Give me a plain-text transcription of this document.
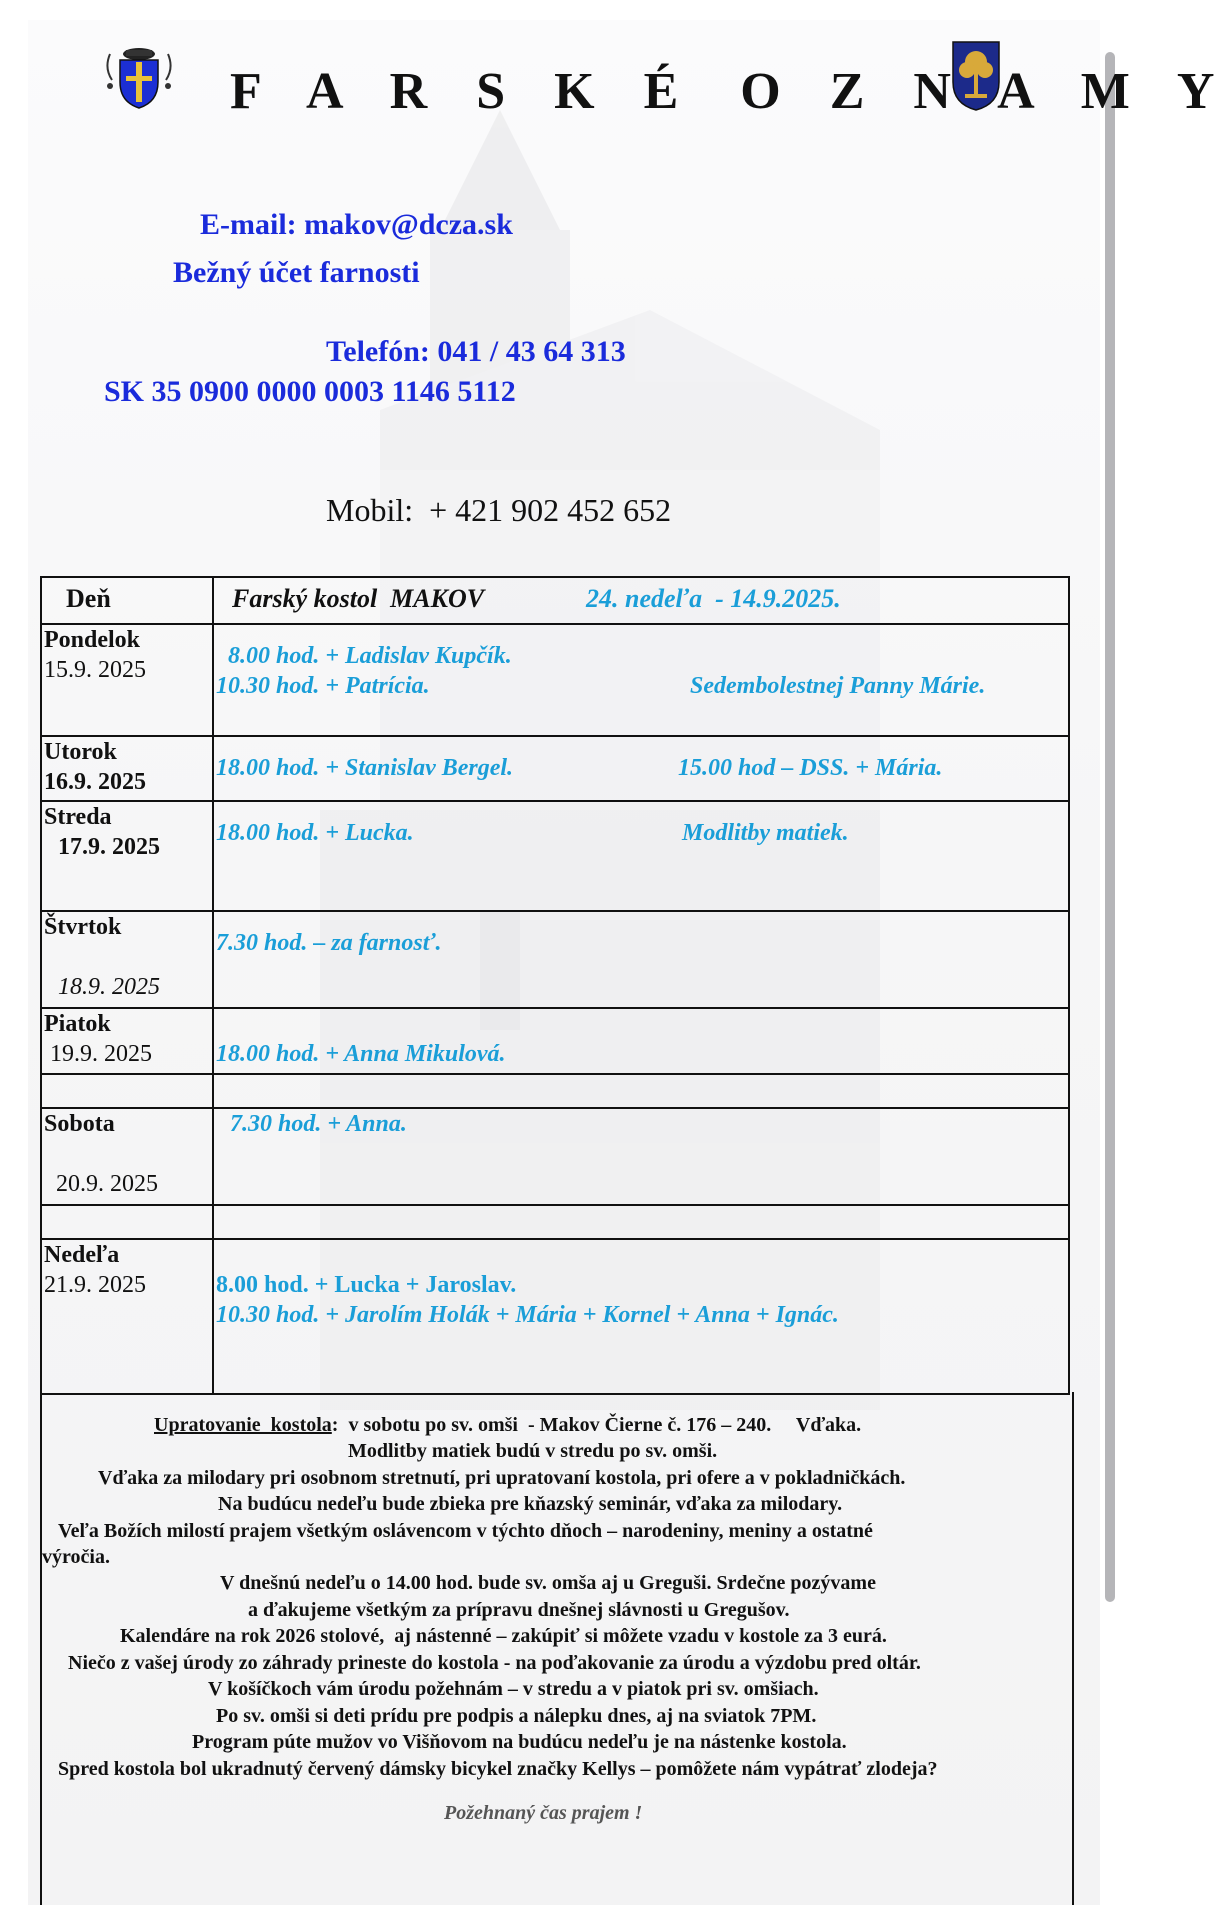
F A R S K É O Z N A M Y
E-mail: makov@dcza.sk
Bežný účet farnosti
Telefón: 041 / 43 64 313
SK 35 0900 0000 0003 1146 5112
Mobil:  + 421 902 452 652
Deň	Farský kostol  MAKOV 24. nedeľa  - 14.9.2025.

Pondelok
15.9. 2025	8.00 hod. + Ladislav Kupčík.
10.30 hod. + Patrícia. Sedembolestnej Panny Márie.

Utorok
16.9. 2025	18.00 hod. + Stanislav Bergel. 15.00 hod – DSS. + Mária.

Streda
17.9. 2025	18.00 hod. + Lucka. Modlitby matiek.

Štvrtok
18.9. 2025	7.30 hod. – za farnosť.

Piatok
19.9. 2025	18.00 hod. + Anna Mikulová.

Sobota
20.9. 2025	7.30 hod. + Anna.

Nedeľa
21.9. 2025	8.00 hod. + Lucka + Jaroslav.
10.30 hod. + Jarolím Holák + Mária + Kornel + Anna + Ignác.
Upratovanie  kostola:  v sobotu po sv. omši  - Makov Čierne č. 176 – 240.     Vďaka.
Modlitby matiek budú v stredu po sv. omši.
Vďaka za milodary pri osobnom stretnutí, pri upratovaní kostola, pri ofere a v pokladničkách.
Na budúcu nedeľu bude zbieka pre kňazský seminár, vďaka za milodary.
Veľa Božích milostí prajem všetkým oslávencom v týchto dňoch – narodeniny, meniny a ostatné
výročia.
V dnešnú nedeľu o 14.00 hod. bude sv. omša aj u Greguši. Srdečne pozývame
a ďakujeme všetkým za prípravu dnešnej slávnosti u Gregušov.
Kalendáre na rok 2026 stolové,  aj nástenné – zakúpiť si môžete vzadu v kostole za 3 eurá.
Niečo z vašej úrody zo záhrady prineste do kostola - na poďakovanie za úrodu a výzdobu pred oltár.
V košíčkoch vám úrodu požehnám – v stredu a v piatok pri sv. omšiach.
Po sv. omši si deti prídu pre podpis a nálepku dnes, aj na sviatok 7PM.
Program púte mužov vo Višňovom na budúcu nedeľu je na nástenke kostola.
Spred kostola bol ukradnutý červený dámsky bicykel značky Kellys – pomôžete nám vypátrať zlodeja?
Požehnaný čas prajem !
